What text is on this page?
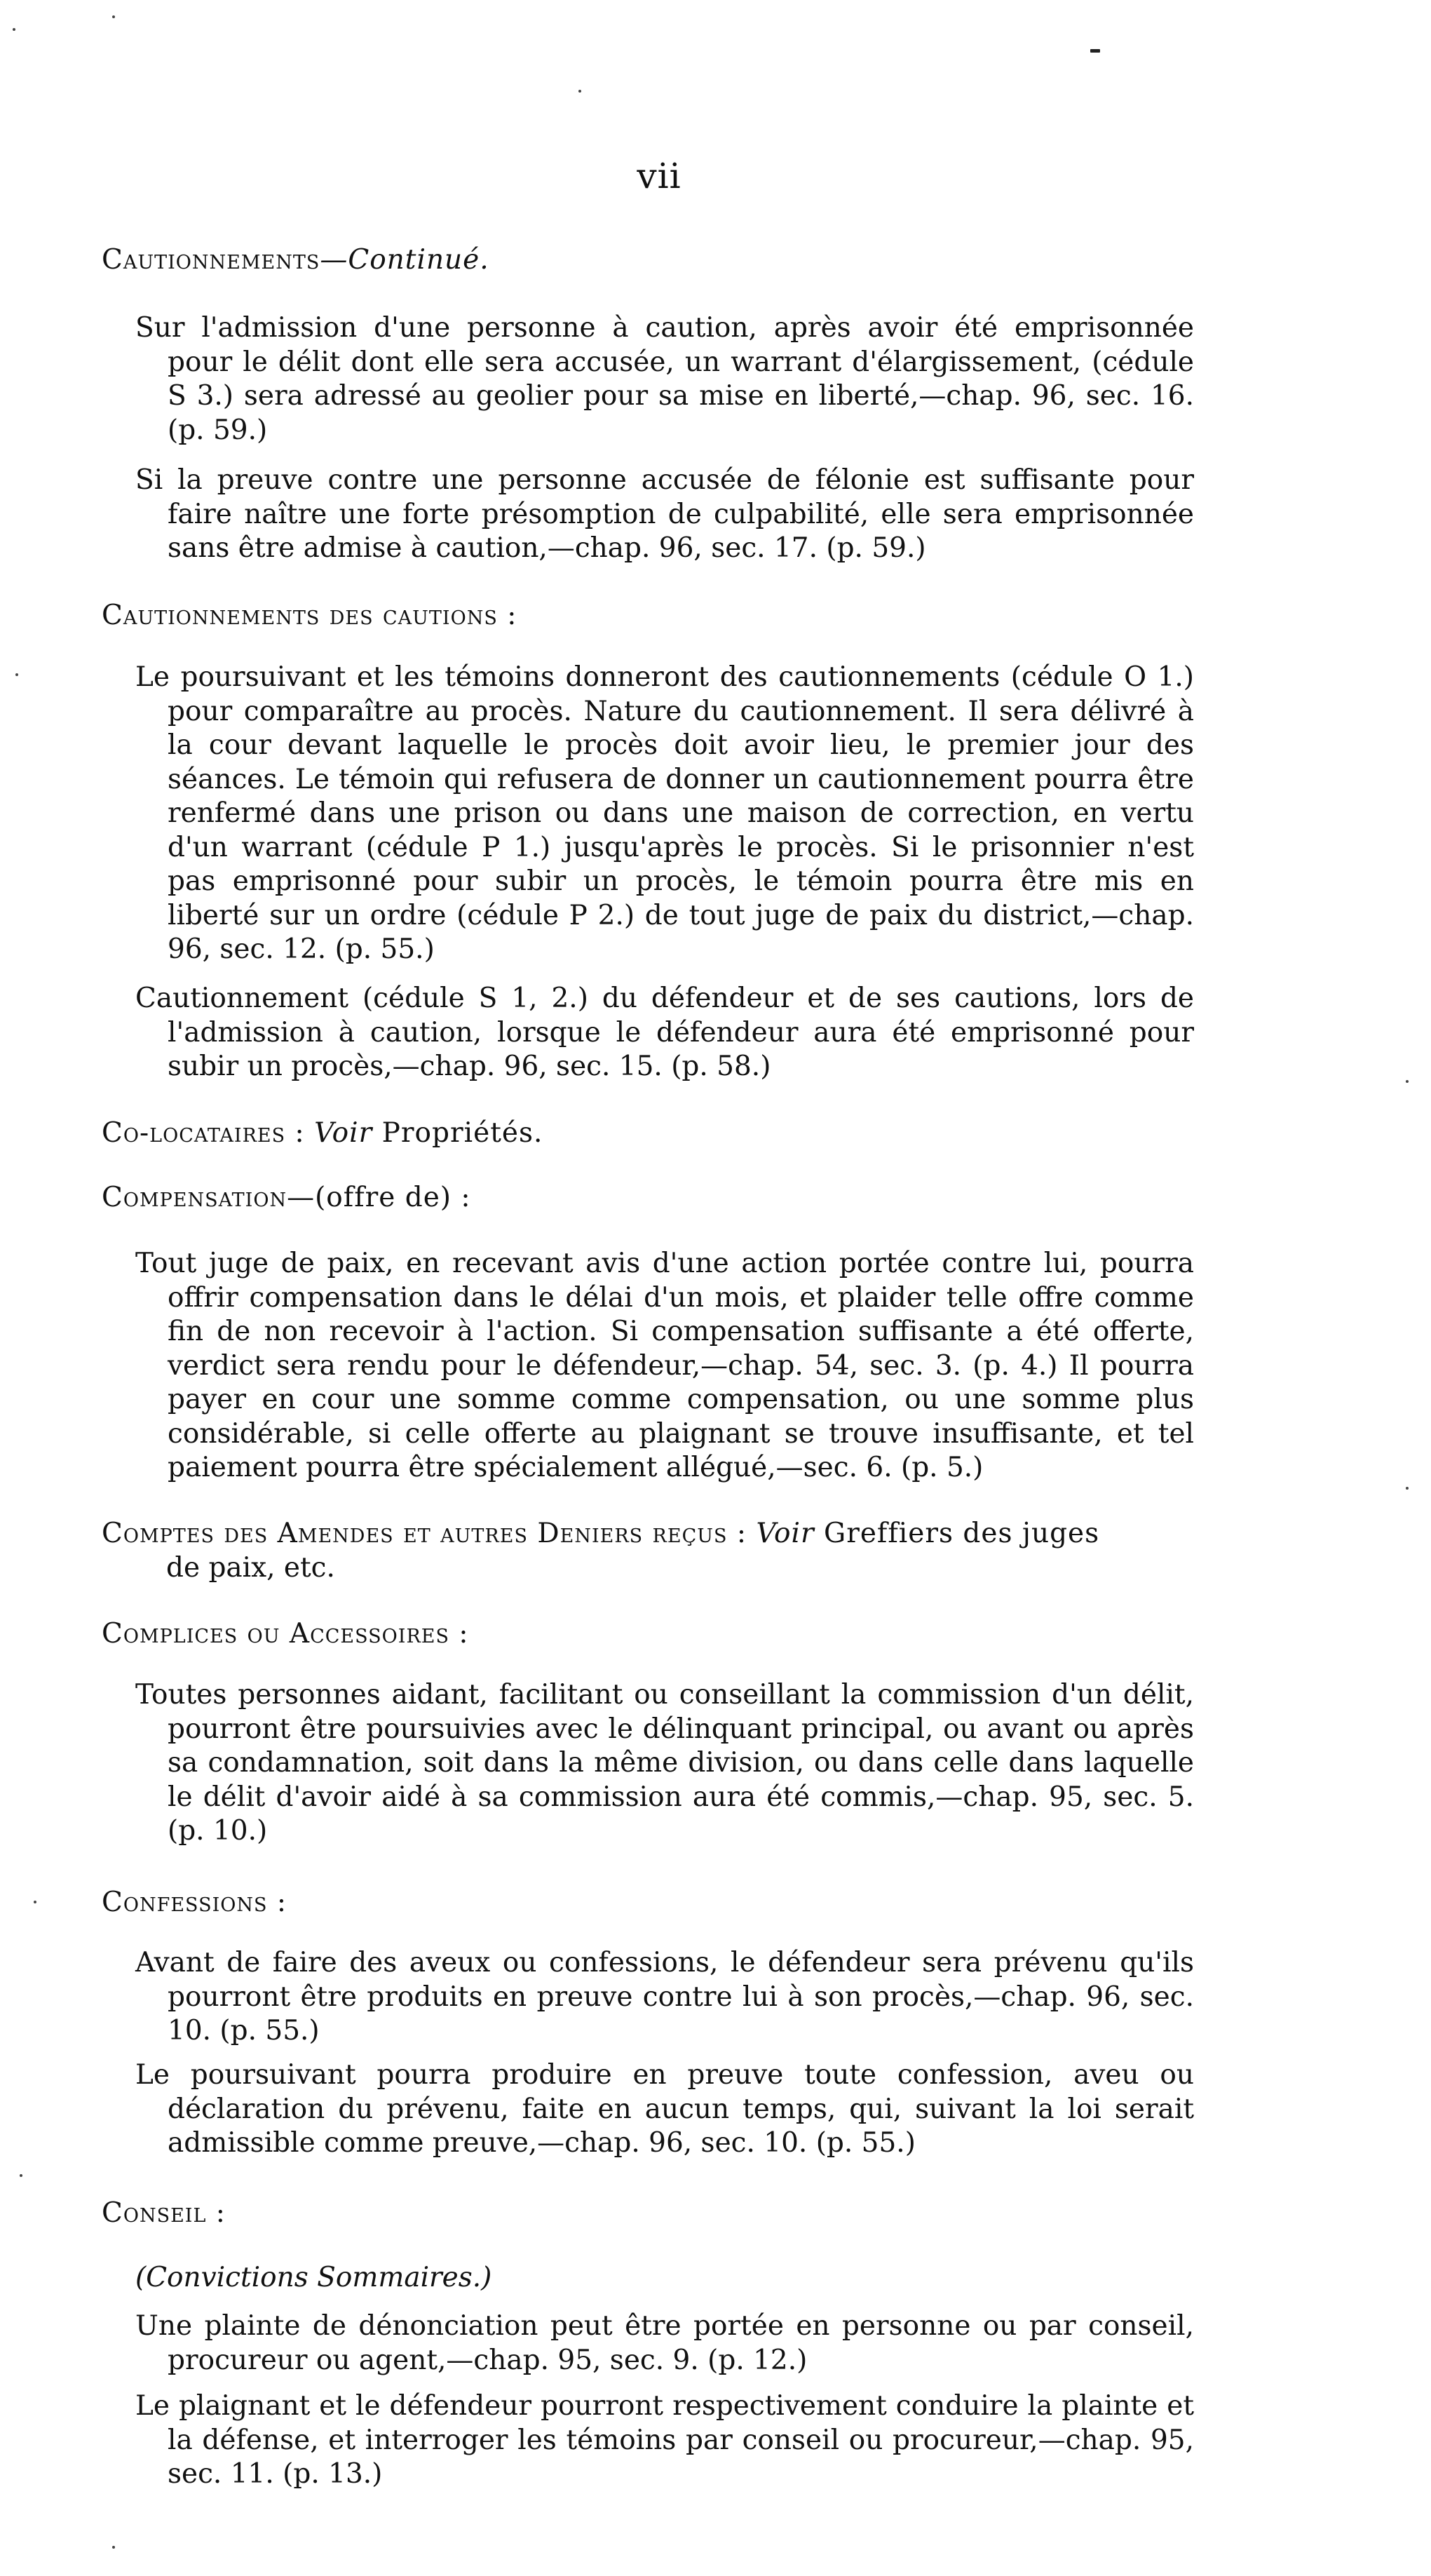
vii
Cautionnements—Continué.
Sur l'admission d'une personne à caution, après avoir été emprisonnée pour le délit dont elle sera accusée, un warrant d'élargissement, (cédule S 3.) sera adressé au geolier pour sa mise en liberté,—chap. 96, sec. 16. (p. 59.)
Si la preuve contre une personne accusée de félonie est suffisante pour faire naître une forte présomption de culpabilité, elle sera emprisonnée sans être admise à caution,—chap. 96, sec. 17. (p. 59.)
Cautionnements des cautions :
Le poursuivant et les témoins donneront des cautionnements (cédule O 1.) pour comparaître au procès. Nature du cautionnement. Il sera délivré à la cour devant laquelle le procès doit avoir lieu, le premier jour des séances. Le témoin qui refusera de donner un cautionnement pourra être renfermé dans une prison ou dans une maison de correction, en vertu d'un warrant (cédule P 1.) jusqu'après le procès. Si le prisonnier n'est pas emprisonné pour subir un procès, le témoin pourra être mis en liberté sur un ordre (cédule P 2.) de tout juge de paix du district,—chap. 96, sec. 12. (p. 55.)
Cautionnement (cédule S 1, 2.) du défendeur et de ses cautions, lors de l'admission à caution, lorsque le défendeur aura été emprisonné pour subir un procès,—chap. 96, sec. 15. (p. 58.)
Co-locataires : Voir Propriétés.
Compensation—(offre de) :
Tout juge de paix, en recevant avis d'une action portée contre lui, pourra offrir compensation dans le délai d'un mois, et plaider telle offre comme fin de non recevoir à l'action. Si compensation suffisante a été offerte, verdict sera rendu pour le défendeur,—chap. 54, sec. 3. (p. 4.) Il pourra payer en cour une somme comme compensation, ou une somme plus considérable, si celle offerte au plaignant se trouve insuffisante, et tel paiement pourra être spécialement allégué,—sec. 6. (p. 5.)
Comptes des Amendes et autres Deniers reçus : Voir Greffiers des juges
de paix, etc.
Complices ou Accessoires :
Toutes personnes aidant, facilitant ou conseillant la commission d'un délit, pourront être poursuivies avec le délinquant principal, ou avant ou après sa condamnation, soit dans la même division, ou dans celle dans laquelle le délit d'avoir aidé à sa commission aura été commis,—chap. 95, sec. 5. (p. 10.)
Confessions :
Avant de faire des aveux ou confessions, le défendeur sera prévenu qu'ils pourront être produits en preuve contre lui à son procès,—chap. 96, sec. 10. (p. 55.)
Le poursuivant pourra produire en preuve toute confession, aveu ou déclaration du prévenu, faite en aucun temps, qui, suivant la loi serait admissible comme preuve,—chap. 96, sec. 10. (p. 55.)
Conseil :
(Convictions Sommaires.)
Une plainte de dénonciation peut être portée en personne ou par conseil, procureur ou agent,—chap. 95, sec. 9. (p. 12.)
Le plaignant et le défendeur pourront respectivement conduire la plainte et la défense, et interroger les témoins par conseil ou procureur,—chap. 95, sec. 11. (p. 13.)
